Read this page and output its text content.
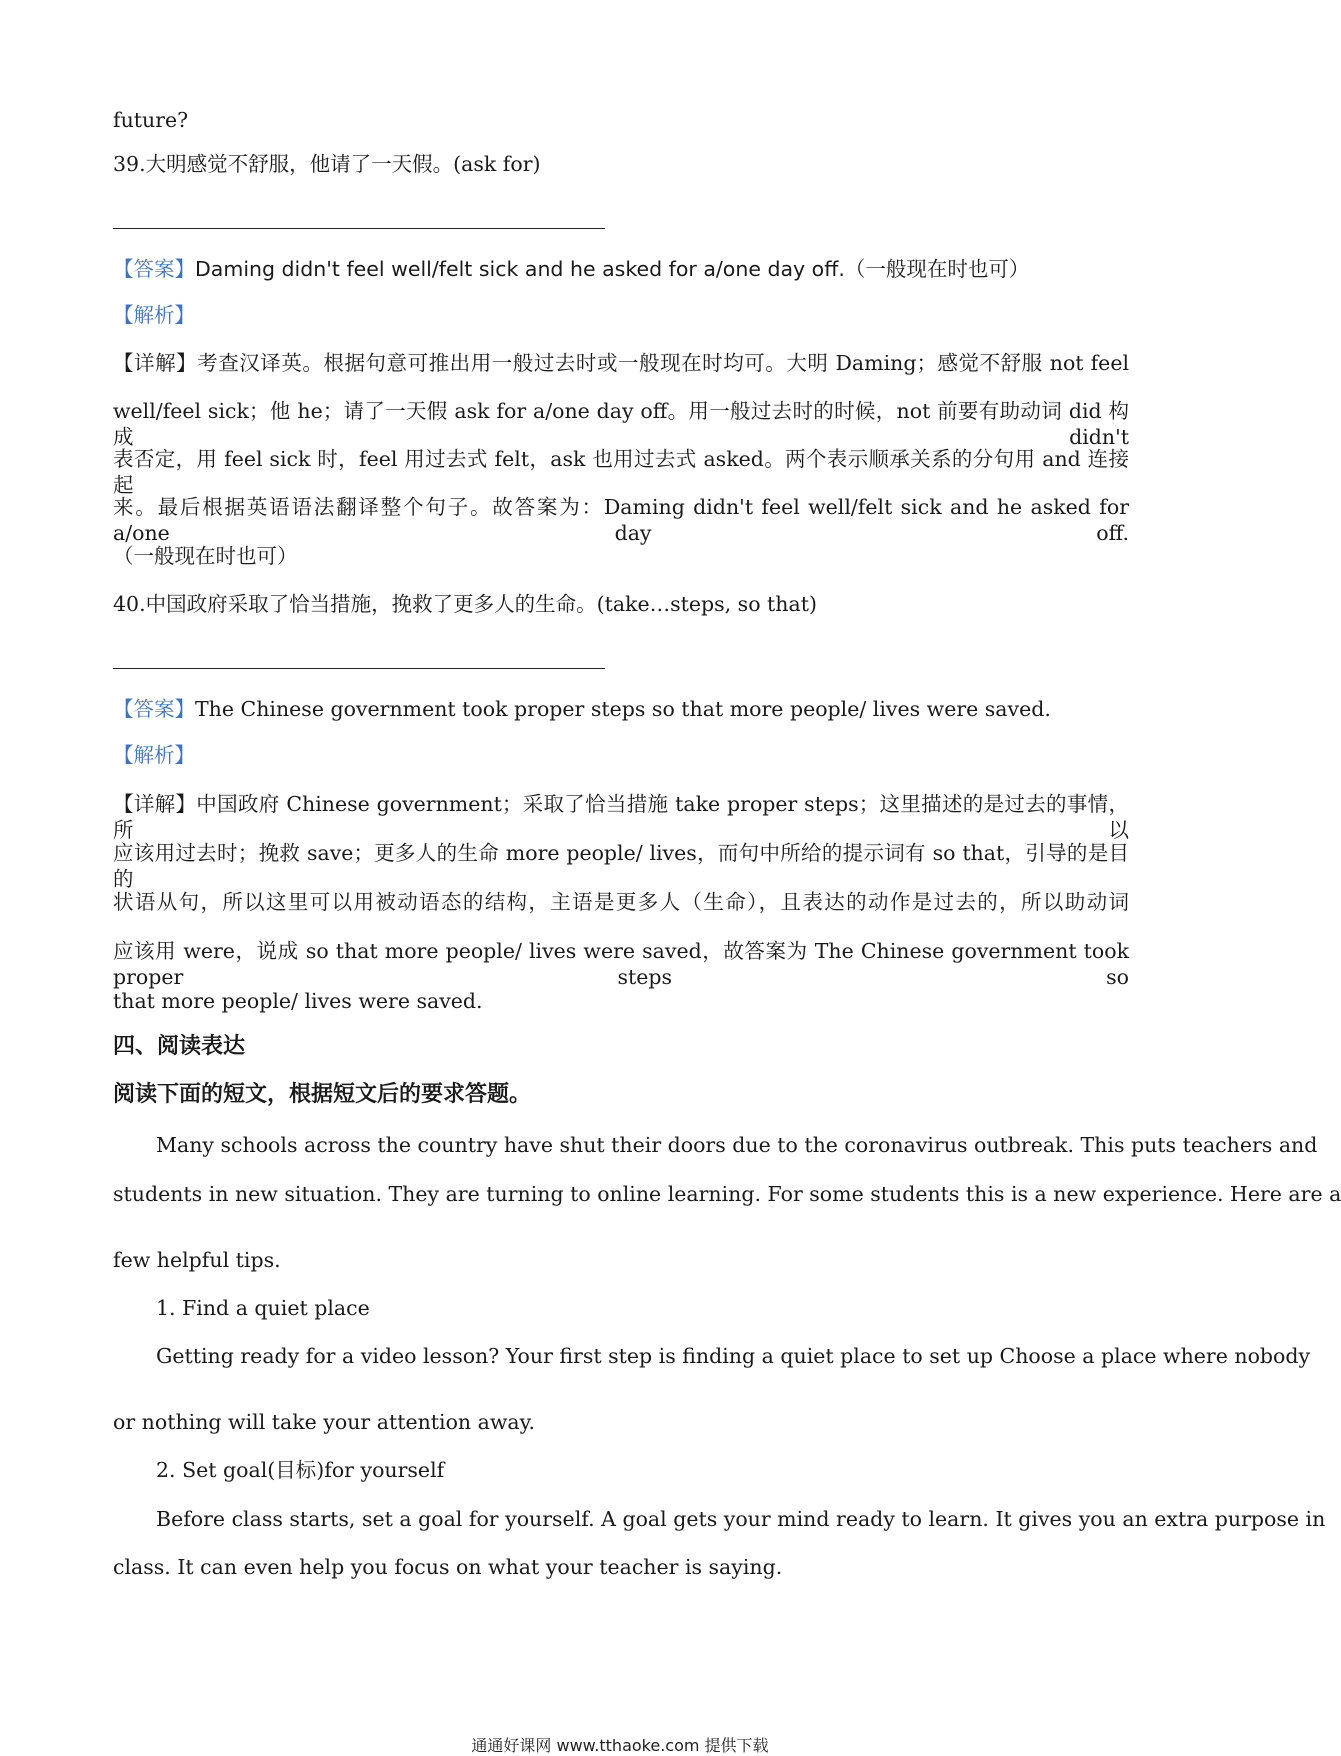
future?
39.大明感觉不舒服，他请了一天假。(ask for)
【答案】Daming didn't feel well/felt sick and he asked for a/one day off.（一般现在时也可）
【解析】
【详解】考查汉译英。根据句意可推出用一般过去时或一般现在时均可。大明 Daming；感觉不舒服 not feel
well/feel sick；他 he；请了一天假 ask for a/one day off。用一般过去时的时候，not 前要有助动词 did 构成 didn't
表否定，用 feel sick 时，feel 用过去式 felt，ask 也用过去式 asked。两个表示顺承关系的分句用 and 连接起
来。最后根据英语语法翻译整个句子。故答案为：Daming didn't feel well/felt sick and he asked for a/one day off.
（一般现在时也可）
40.中国政府采取了恰当措施，挽救了更多人的生命。(take…steps, so that)
【答案】The Chinese government took proper steps so that more people/ lives were saved.
【解析】
【详解】中国政府 Chinese government；采取了恰当措施 take proper steps；这里描述的是过去的事情，所以
应该用过去时；挽救 save；更多人的生命 more people/ lives，而句中所给的提示词有 so that，引导的是目的
状语从句，所以这里可以用被动语态的结构，主语是更多人（生命），且表达的动作是过去的，所以助动词
应该用 were，说成 so that more people/ lives were saved，故答案为 The Chinese government took proper steps so
that more people/ lives were saved.
四、阅读表达
阅读下面的短文，根据短文后的要求答题。
Many schools across the country have shut their doors due to the coronavirus outbreak. This puts teachers and
students in new situation. They are turning to online learning. For some students this is a new experience. Here are a
few helpful tips.
1. Find a quiet place
Getting ready for a video lesson? Your first step is finding a quiet place to set up Choose a place where nobody
or nothing will take your attention away.
2. Set goal(目标)for yourself
Before class starts, set a goal for yourself. A goal gets your mind ready to learn. It gives you an extra purpose in
class. It can even help you focus on what your teacher is saying.
通通好课网 www.tthaoke.com 提供下载
